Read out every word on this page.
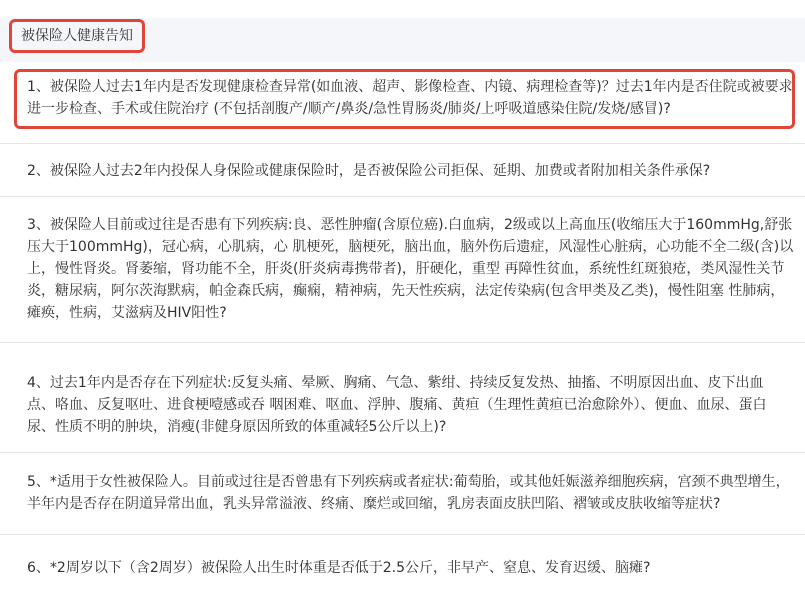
被保险人健康告知
1、被保险人过去1年内是否发现健康检查异常(如血液、超声、影像检查、内镜、病理检查等)？过去1年内是否住院或被要求
进一步检查、手术或住院治疗 (不包括剖腹产/顺产/鼻炎/急性胃肠炎/肺炎/上呼吸道感染住院/发烧/感冒)?
2、被保险人过去2年内投保人身保险或健康保险时，是否被保险公司拒保、延期、加费或者附加相关条件承保?
3、被保险人目前或过往是否患有下列疾病:良、恶性肿瘤(含原位癌).白血病，2级或以上高血压(收缩压大于160mmHg,舒张
压大于100mmHg)，冠心病，心肌病，心 肌梗死，脑梗死，脑出血，脑外伤后遗症，风湿性心脏病，心功能不全二级(含)以
上，慢性肾炎。肾萎缩，肾功能不全，肝炎(肝炎病毒携带者)，肝硬化，重型 再障性贫血，系统性红斑狼疮，类风湿性关节
炎，糖尿病，阿尔茨海默病，帕金森氏病，癫痫，精神病，先天性疾病，法定传染病(包含甲类及乙类)，慢性阻塞 性肺病，
瘫痪，性病，艾滋病及HIV阳性?
4、过去1年内是否存在下列症状:反复头痛、晕厥、胸痛、气急、紫绀、持续反复发热、抽搐、不明原因出血、皮下出血
点、咯血、反复呕吐、进食梗噎感或吞 咽困难、呕血、浮肿、腹痛、黄疸（生理性黄疸已治愈除外）、便血、血尿、蛋白
尿、性质不明的肿块，消瘦(非健身原因所致的体重减轻5公斤以上)?
5、*适用于女性被保险人。目前或过往是否曾患有下列疾病或者症状:葡萄胎，或其他妊娠滋养细胞疾病，宫颈不典型增生，
半年内是否存在阴道异常出血，乳头异常溢液、终痛、糜烂或回缩，乳房表面皮肤凹陷、褶皱或皮肤收缩等症状?
6、*2周岁以下（含2周岁）被保险人出生时体重是否低于2.5公斤，非早产、窒息、发育迟缓、脑瘫?
